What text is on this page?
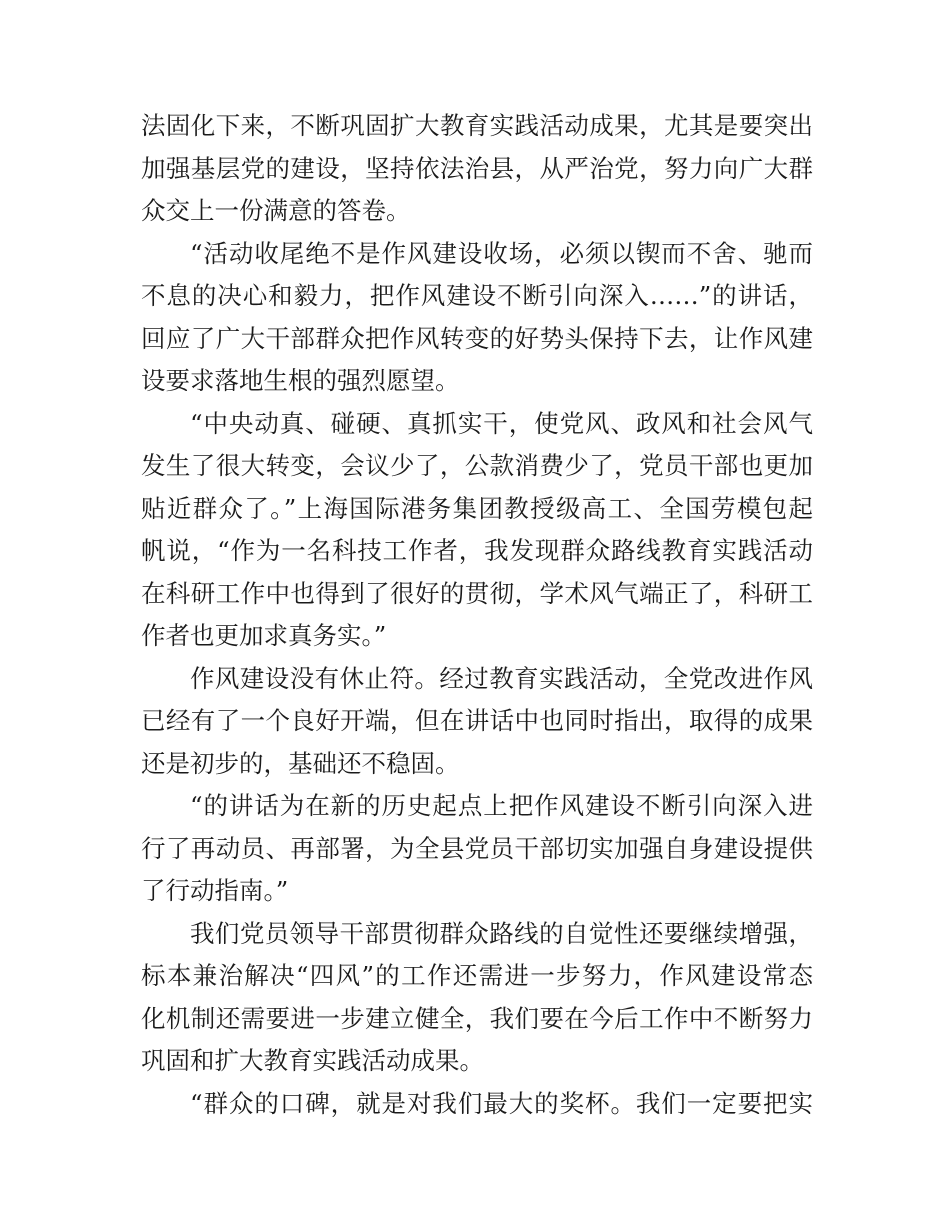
法固化下来，不断巩固扩大教育实践活动成果，尤其是要突出
加强基层党的建设，坚持依法治县，从严治党，努力向广大群
众交上一份满意的答卷。
“活动收尾绝不是作风建设收场，必须以锲而不舍、驰而
不息的决心和毅力，把作风建设不断引向深入……”的讲话，
回应了广大干部群众把作风转变的好势头保持下去，让作风建
设要求落地生根的强烈愿望。
“中央动真、碰硬、真抓实干，使党风、政风和社会风气
发生了很大转变，会议少了，公款消费少了，党员干部也更加
贴近群众了。”上海国际港务集团教授级高工、全国劳模包起
帆说，“作为一名科技工作者，我发现群众路线教育实践活动
在科研工作中也得到了很好的贯彻，学术风气端正了，科研工
作者也更加求真务实。”
作风建设没有休止符。经过教育实践活动，全党改进作风
已经有了一个良好开端，但在讲话中也同时指出，取得的成果
还是初步的，基础还不稳固。
“的讲话为在新的历史起点上把作风建设不断引向深入进
行了再动员、再部署，为全县党员干部切实加强自身建设提供
了行动指南。”
我们党员领导干部贯彻群众路线的自觉性还要继续增强，
标本兼治解决“四风”的工作还需进一步努力，作风建设常态
化机制还需要进一步建立健全，我们要在今后工作中不断努力
巩固和扩大教育实践活动成果。
“群众的口碑，就是对我们最大的奖杯。我们一定要把实
